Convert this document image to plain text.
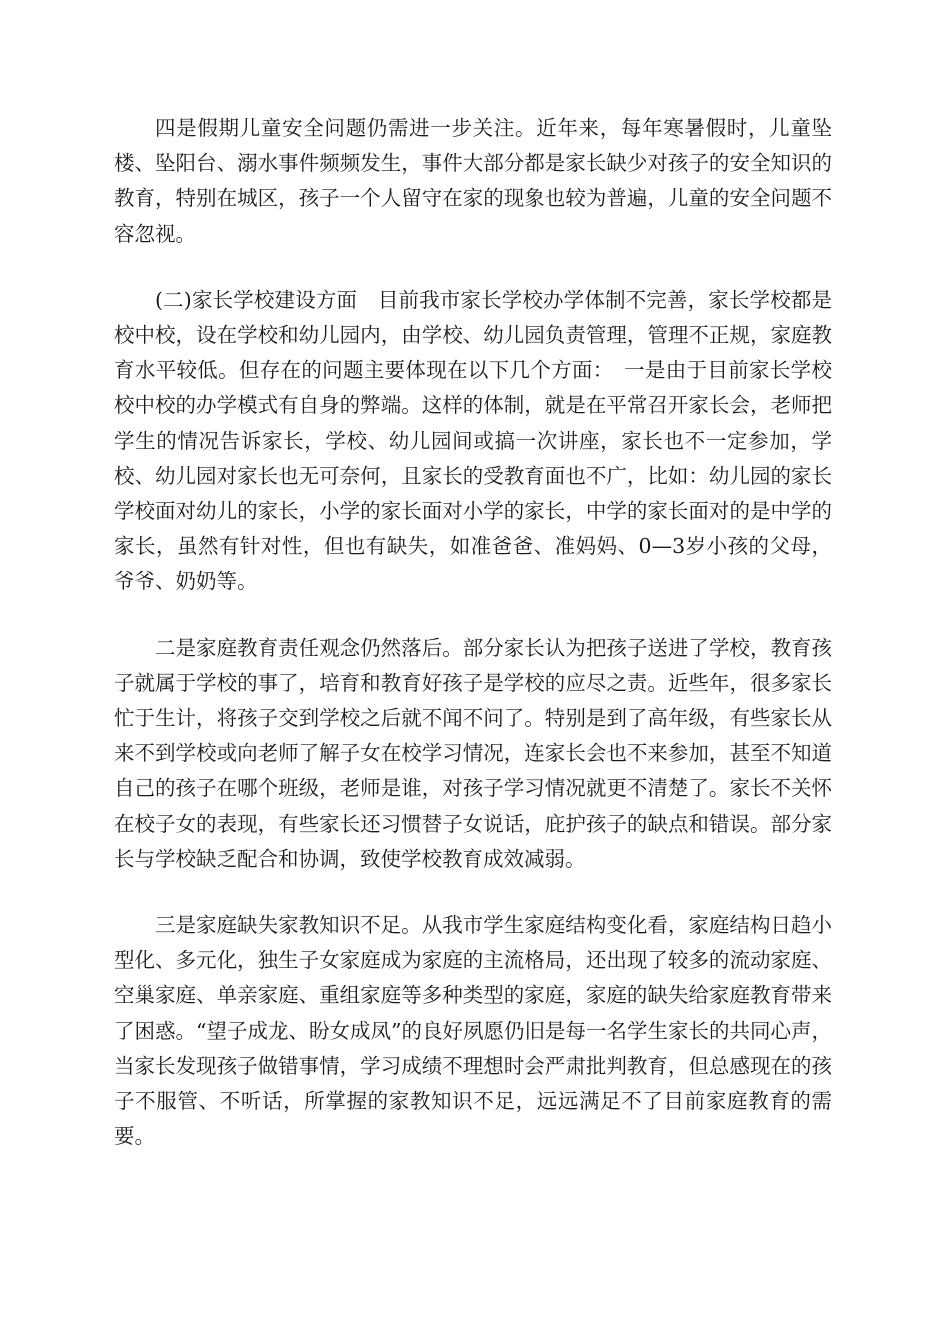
四是假期儿童安全问题仍需进一步关注。近年来，每年寒暑假时，儿童坠楼、坠阳台、溺水事件频频发生，事件大部分都是家长缺少对孩子的安全知识的教育，特别在城区，孩子一个人留守在家的现象也较为普遍，儿童的安全问题不容忽视。

(二)家长学校建设方面　目前我市家长学校办学体制不完善，家长学校都是校中校，设在学校和幼儿园内，由学校、幼儿园负责管理，管理不正规，家庭教育水平较低。但存在的问题主要体现在以下几个方面：　一是由于目前家长学校校中校的办学模式有自身的弊端。这样的体制，就是在平常召开家长会，老师把学生的情况告诉家长，学校、幼儿园间或搞一次讲座，家长也不一定参加，学校、幼儿园对家长也无可奈何，且家长的受教育面也不广，比如：幼儿园的家长学校面对幼儿的家长，小学的家长面对小学的家长，中学的家长面对的是中学的家长，虽然有针对性，但也有缺失，如准爸爸、准妈妈、0—3岁小孩的父母，爷爷、奶奶等。

二是家庭教育责任观念仍然落后。部分家长认为把孩子送进了学校，教育孩子就属于学校的事了，培育和教育好孩子是学校的应尽之责。近些年，很多家长忙于生计，将孩子交到学校之后就不闻不问了。特别是到了高年级，有些家长从来不到学校或向老师了解子女在校学习情况，连家长会也不来参加，甚至不知道自己的孩子在哪个班级，老师是谁，对孩子学习情况就更不清楚了。家长不关怀在校子女的表现，有些家长还习惯替子女说话，庇护孩子的缺点和错误。部分家长与学校缺乏配合和协调，致使学校教育成效减弱。

三是家庭缺失家教知识不足。从我市学生家庭结构变化看，家庭结构日趋小型化、多元化，独生子女家庭成为家庭的主流格局，还出现了较多的流动家庭、空巢家庭、单亲家庭、重组家庭等多种类型的家庭，家庭的缺失给家庭教育带来了困惑。“望子成龙、盼女成凤”的良好夙愿仍旧是每一名学生家长的共同心声，当家长发现孩子做错事情，学习成绩不理想时会严肃批判教育，但总感现在的孩子不服管、不听话，所掌握的家教知识不足，远远满足不了目前家庭教育的需要。
